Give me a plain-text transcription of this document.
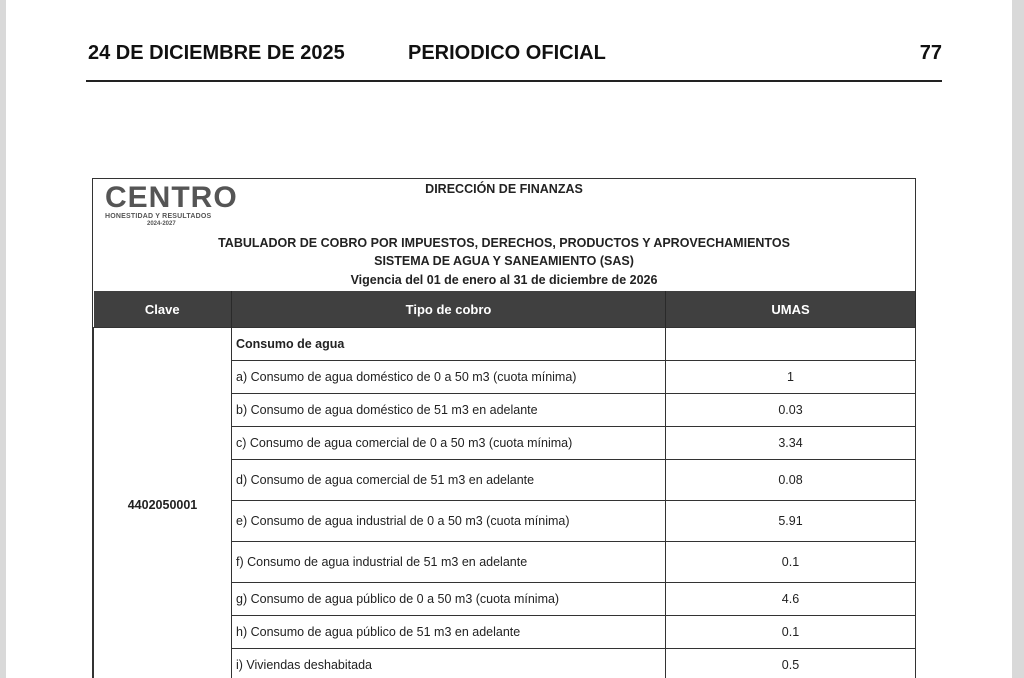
24 DE DICIEMBRE DE 2025	PERIODICO OFICIAL	77
CENTRO
HONESTIDAD Y RESULTADOS
2024-2027
DIRECCIÓN DE FINANZAS
TABULADOR DE COBRO POR IMPUESTOS, DERECHOS, PRODUCTOS Y APROVECHAMIENTOS
SISTEMA DE AGUA Y SANEAMIENTO (SAS)
Vigencia del 01 de enero al 31 de diciembre de 2026
Clave	Tipo de cobro	UMAS
4402050001	Consumo de agua	
	a) Consumo de agua doméstico de 0 a 50 m3 (cuota mínima)	1
	b) Consumo de agua doméstico de 51 m3 en adelante	0.03
	c) Consumo de agua comercial de 0 a 50 m3 (cuota mínima)	3.34
	d) Consumo de agua comercial de 51 m3 en adelante	0.08
	e) Consumo de agua industrial de 0 a 50 m3 (cuota mínima)	5.91
	f) Consumo de agua industrial de 51 m3 en adelante	0.1
	g) Consumo de agua público de 0 a 50 m3 (cuota mínima)	4.6
	h) Consumo de agua público de 51 m3 en adelante	0.1
	i) Viviendas deshabitada	0.5
